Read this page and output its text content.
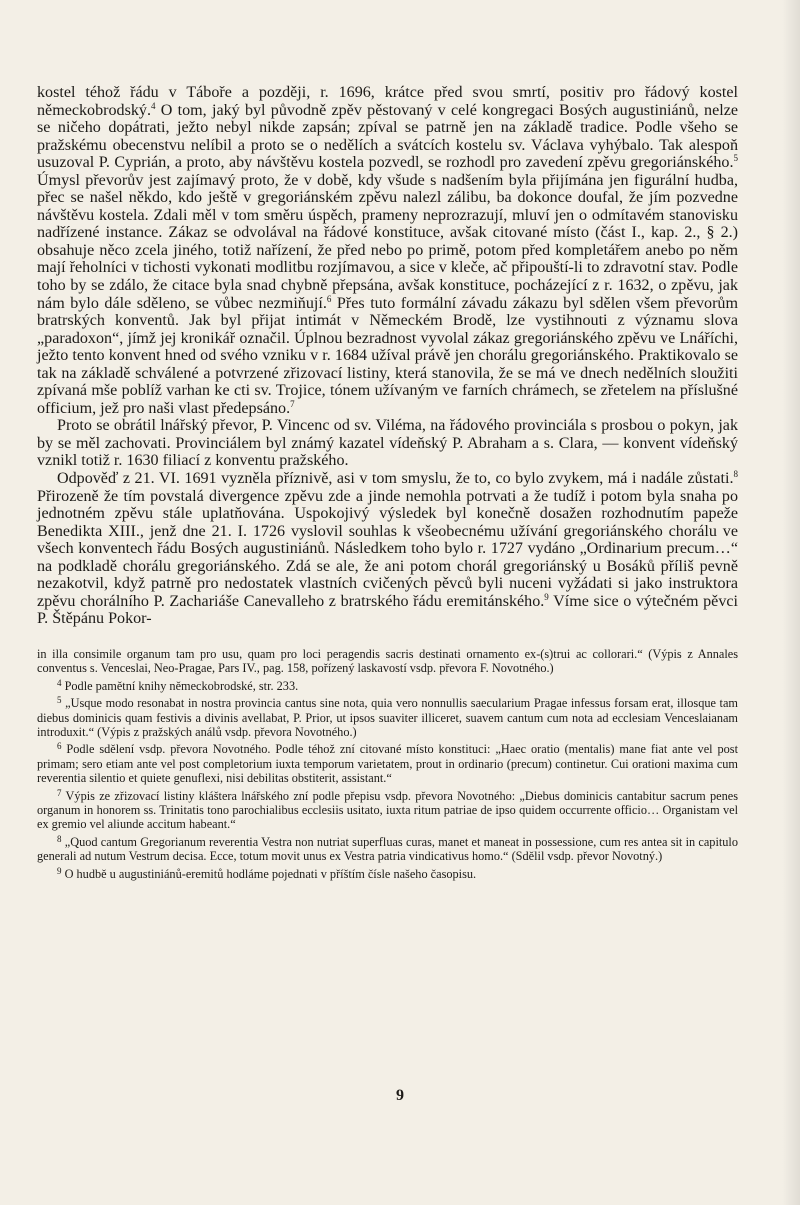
kostel téhož řádu v Táboře a později, r. 1696, krátce před svou smrtí, positiv pro řádový kostel německobrodský.$^4$ O tom, jaký byl původně zpěv pěstovaný v celé kongregaci Bosých augustiniánů, nelze se ničeho dopátrati, ježto nebyl nikde zapsán; zpíval se patrně jen na základě tradice. Podle všeho se pražskému obecenstvu nelíbil a proto se o nedělích a svátcích kostelu sv. Václava vyhýbalo. Tak alespoň usuzoval P. Cyprián, a proto, aby návštěvu kostela pozvedl, se rozhodl pro zavedení zpěvu gregoriánského.$^5$ Úmysl převorův jest zajímavý proto, že v době, kdy všude s nadšením byla přijímána jen figurální hudba, přec se našel někdo, kdo ještě v gregoriánském zpěvu nalezl zálibu, ba dokonce doufal, že jím pozvedne návštěvu kostela. Zdali měl v tom směru úspěch, prameny neprozrazují, mluví jen o odmítavém stanovisku nadřízené instance. Zákaz se odvolával na řádové konstituce, avšak citované místo (část I., kap. 2., § 2.) obsahuje něco zcela jiného, totiž nařízení, že před nebo po primě, potom před kompletářem anebo po něm mají řeholníci v tichosti vykonati modlitbu rozjímavou, a sice v kleče, ač připouští-li to zdravotní stav. Podle toho by se zdálo, že citace byla snad chybně přepsána, avšak konstituce, pocházející z r. 1632, o zpěvu, jak nám bylo dále sděleno, se vůbec nezmiňují.$^6$ Přes tuto formální závadu zákazu byl sdělen všem převorům bratrských konventů. Jak byl přijat intimát v Německém Brodě, lze vystihnouti z významu slova „paradoxon“, jímž jej kronikář označil. Úplnou bezradnost vyvolal zákaz gregoriánského zpěvu ve Lnáříchi, ježto tento konvent hned od svého vzniku v r. 1684 užíval právě jen chorálu gregoriánského. Praktikovalo se tak na základě schválené a potvrzené zřizovací listiny, která stanovila, že se má ve dnech nedělních sloužiti zpívaná mše poblíž varhan ke cti sv. Trojice, tónem užívaným ve farních chrámech, se zřetelem na příslušné officium, jež pro naši vlast předepsáno.$^7$

Proto se obrátil lnářský převor, P. Vincenc od sv. Viléma, na řádového provinciála s prosbou o pokyn, jak by se měl zachovati. Provinciálem byl známý kazatel vídeňský P. Abraham a s. Clara, — konvent vídeňský vznikl totiž r. 1630 filiací z konventu pražského.

Odpověď z 21. VI. 1691 vyzněla příznivě, asi v tom smyslu, že to, co bylo zvykem, má i nadále zůstati.$^8$ Přirozeně že tím povstalá divergence zpěvu zde a jinde nemohla potrvati a že tudíž i potom byla snaha po jednotném zpěvu stále uplatňována. Uspokojivý výsledek byl konečně dosažen rozhodnutím papeže Benedikta XIII., jenž dne 21. I. 1726 vyslovil souhlas k všeobecnému užívání gregoriánského chorálu ve všech konventech řádu Bosých augustiniánů. Následkem toho bylo r. 1727 vydáno „Ordinarium precum…“ na podkladě chorálu gregoriánského. Zdá se ale, že ani potom chorál gregoriánský u Bosáků příliš pevně nezakotvil, když patrně pro nedostatek vlastních cvičených pěvců byli nuceni vyžádati si jako instruktora zpěvu chorálního P. Zachariáše Canevalleho z bratrského řádu eremitánského.$^9$ Víme sice o výtečném pěvci P. Štěpánu Pokor-

in illa consimile organum tam pro usu, quam pro loci peragendis sacris destinati ornamento ex-(s)trui ac collorari.“ (Výpis z Annales conventus s. Venceslai, Neo-Pragae, Pars IV., pag. 158, pořízený laskavostí vsdp. převora F. Novotného.)

$^4$ Podle pamětní knihy německobrodské, str. 233.

$^5$ „Usque modo resonabat in nostra provincia cantus sine nota, quia vero nonnullis saecularium Pragae infessus forsam erat, illosque tam diebus dominicis quam festivis a divinis avellabat, P. Prior, ut ipsos suaviter illiceret, suavem cantum cum nota ad ecclesiam Venceslaianam introduxit.“ (Výpis z pražských análů vsdp. převora Novotného.)

$^6$ Podle sdělení vsdp. převora Novotného. Podle téhož zní citované místo konstituci: „Haec oratio (mentalis) mane fiat ante vel post primam; sero etiam ante vel post completorium iuxta temporum varietatem, prout in ordinario (precum) continetur. Cui orationi maxima cum reverentia silentio et quiete genuflexi, nisi debilitas obstiterit, assistant.“

$^7$ Výpis ze zřizovací listiny kláštera lnářského zní podle přepisu vsdp. převora Novotného: „Diebus dominicis cantabitur sacrum penes organum in honorem ss. Trinitatis tono parochialibus ecclesiis usitato, iuxta ritum patriae de ipso quidem occurrente officio… Organistam vel ex gremio vel aliunde accitum habeant.“

$^8$ „Quod cantum Gregorianum reverentia Vestra non nutriat superfluas curas, manet et maneat in possessione, cum res antea sit in capitulo generali ad nutum Vestrum decisa. Ecce, totum movit unus ex Vestra patria vindicativus homo.“ (Sdělil vsdp. převor Novotný.)

$^9$ O hudbě u augustiniánů-eremitů hodláme pojednati v příštím čísle našeho časopisu.

9
